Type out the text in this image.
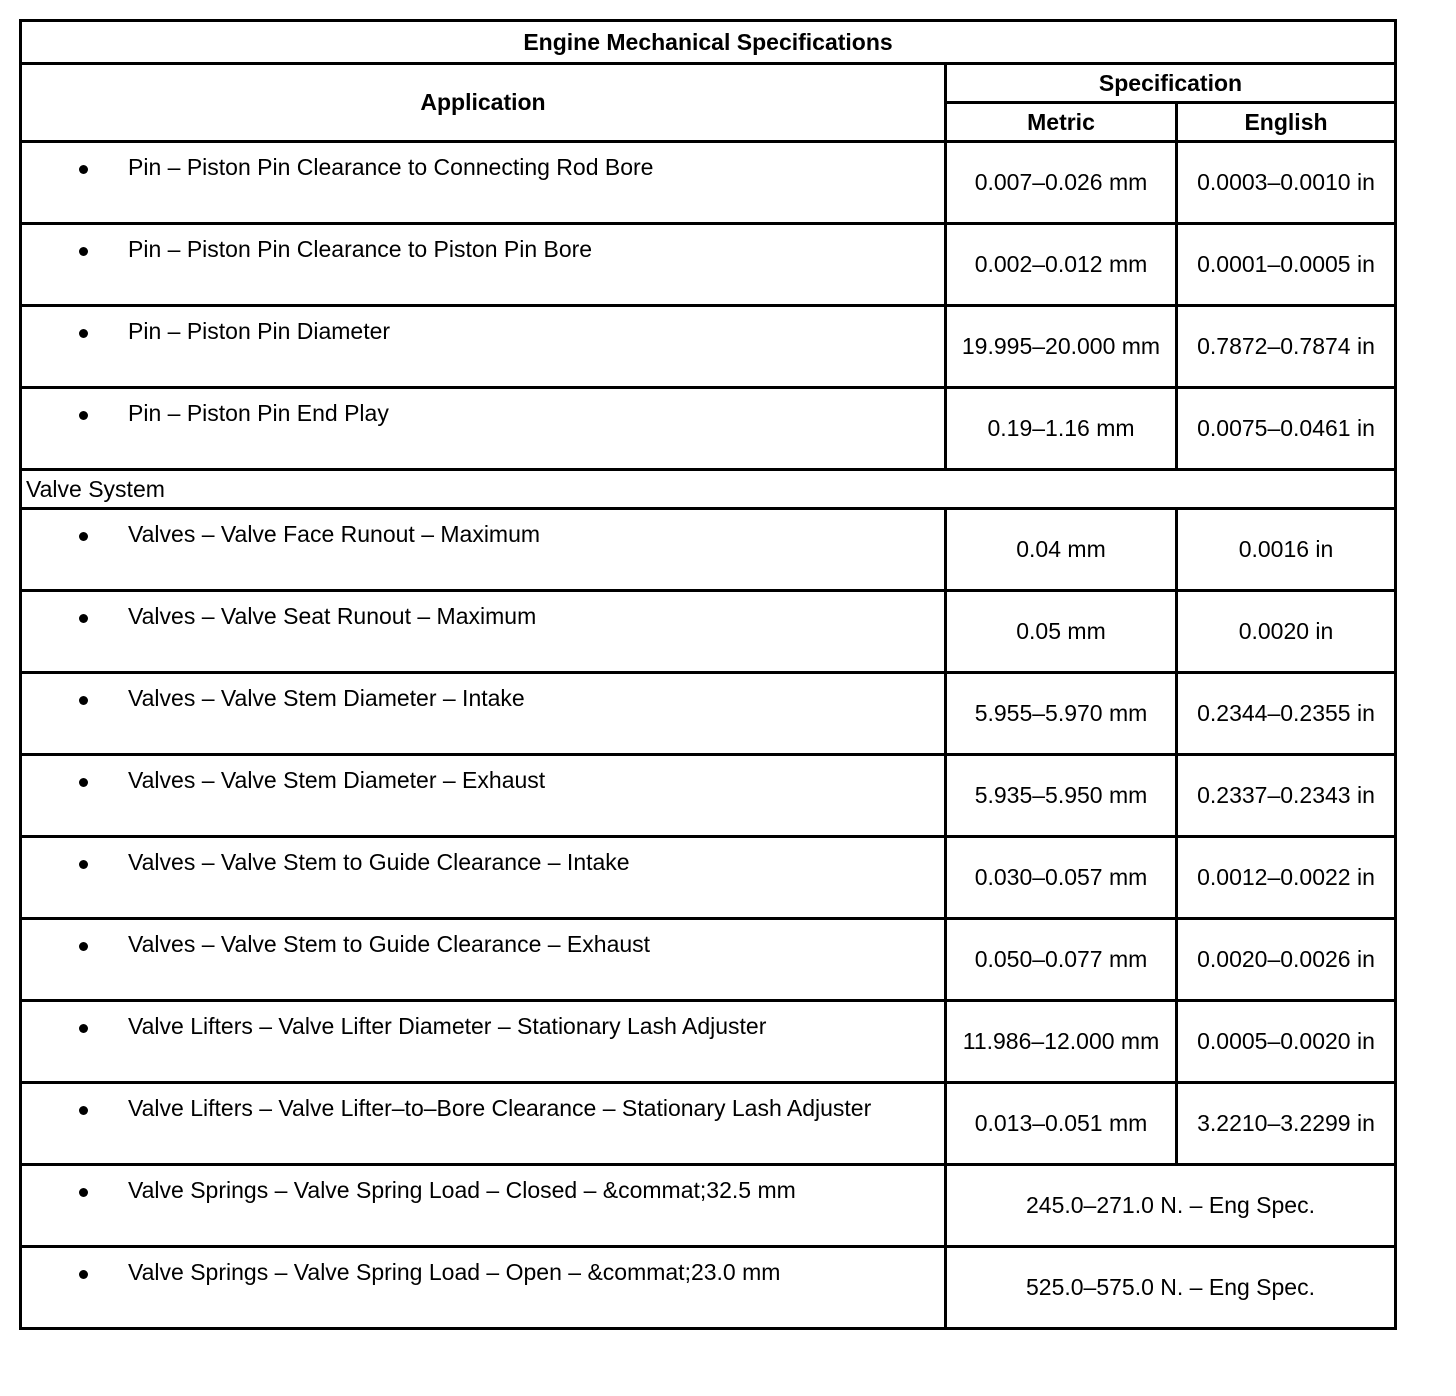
Engine Mechanical Specifications		
Application	Specification	
	Metric	English

Pin – Piston Pin Clearance to Connecting Rod Bore	0.007–0.026 mm	0.0003–0.0010 in

Pin – Piston Pin Clearance to Piston Pin Bore	0.002–0.012 mm	0.0001–0.0005 in

Pin – Piston Pin Diameter	19.995–20.000 mm	0.7872–0.7874 in

Pin – Piston Pin End Play	0.19–1.16 mm	0.0075–0.0461 in
Valve System		

Valves – Valve Face Runout – Maximum	0.04 mm	0.0016 in

Valves – Valve Seat Runout – Maximum	0.05 mm	0.0020 in

Valves – Valve Stem Diameter – Intake	5.955–5.970 mm	0.2344–0.2355 in

Valves – Valve Stem Diameter – Exhaust	5.935–5.950 mm	0.2337–0.2343 in

Valves – Valve Stem to Guide Clearance – Intake	0.030–0.057 mm	0.0012–0.0022 in

Valves – Valve Stem to Guide Clearance – Exhaust	0.050–0.077 mm	0.0020–0.0026 in

Valve Lifters – Valve Lifter Diameter – Stationary Lash Adjuster	11.986–12.000 mm	0.0005–0.0020 in

Valve Lifters – Valve Lifter–to–Bore Clearance – Stationary Lash Adjuster	0.013–0.051 mm	3.2210–3.2299 in

Valve Springs – Valve Spring Load – Closed – &commat;32.5 mm	245.0–271.0 N. – Eng Spec.	

Valve Springs – Valve Spring Load – Open – &commat;23.0 mm	525.0–575.0 N. – Eng Spec.	
